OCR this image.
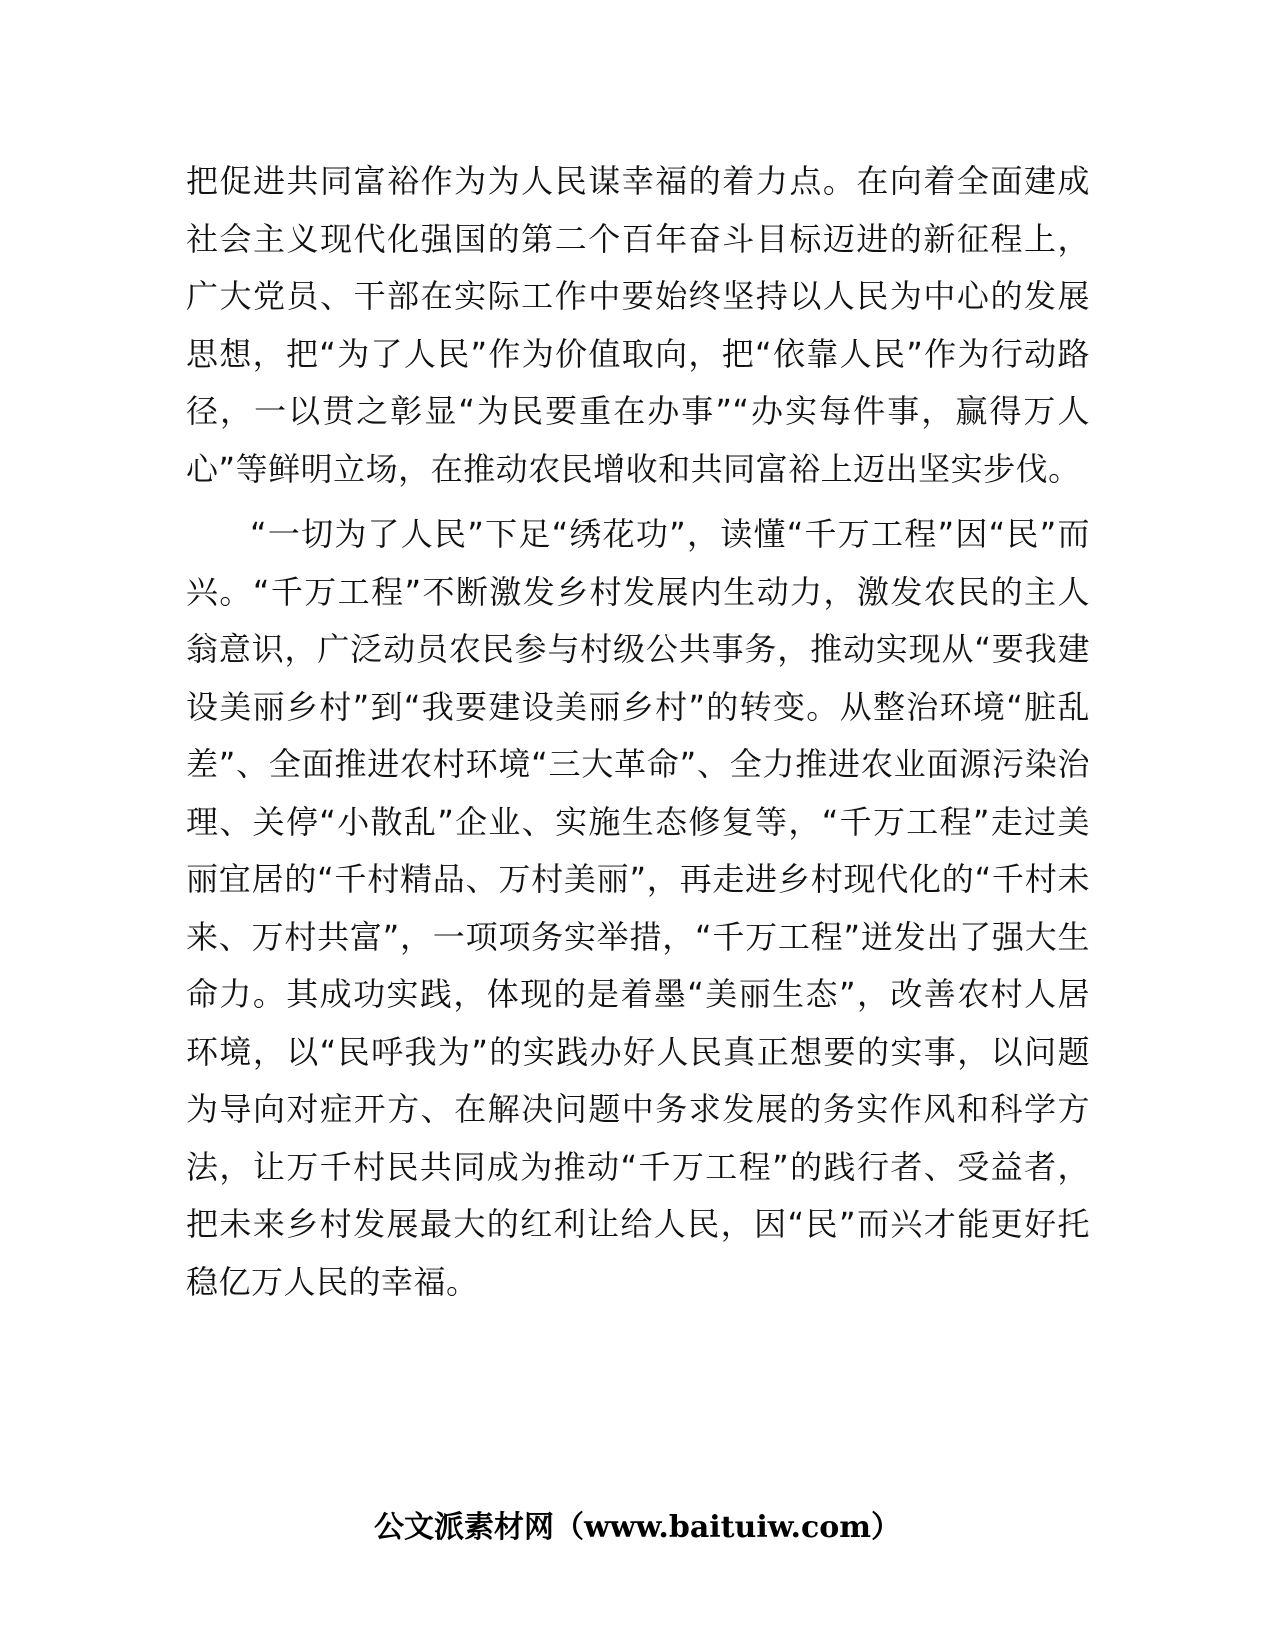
把促进共同富裕作为为人民谋幸福的着力点。在向着全面建成社会主义现代化强国的第二个百年奋斗目标迈进的新征程上，广大党员、干部在实际工作中要始终坚持以人民为中心的发展思想，把“为了人民”作为价值取向，把“依靠人民”作为行动路径，一以贯之彰显“为民要重在办事”“办实每件事，赢得万人心”等鲜明立场，在推动农民增收和共同富裕上迈出坚实步伐。

“一切为了人民”下足“绣花功”，读懂“千万工程”因“民”而兴。“千万工程”不断激发乡村发展内生动力，激发农民的主人翁意识，广泛动员农民参与村级公共事务，推动实现从“要我建设美丽乡村”到“我要建设美丽乡村”的转变。从整治环境“脏乱差”、全面推进农村环境“三大革命”、全力推进农业面源污染治理、关停“小散乱”企业、实施生态修复等，“千万工程”走过美丽宜居的“千村精品、万村美丽”，再走进乡村现代化的“千村未来、万村共富”，一项项务实举措，“千万工程”迸发出了强大生命力。其成功实践，体现的是着墨“美丽生态”，改善农村人居环境，以“民呼我为”的实践办好人民真正想要的实事，以问题为导向对症开方、在解决问题中务求发展的务实作风和科学方法，让万千村民共同成为推动“千万工程”的践行者、受益者，把未来乡村发展最大的红利让给人民，因“民”而兴才能更好托稳亿万人民的幸福。

公文派素材网（www.baituiw.com）
